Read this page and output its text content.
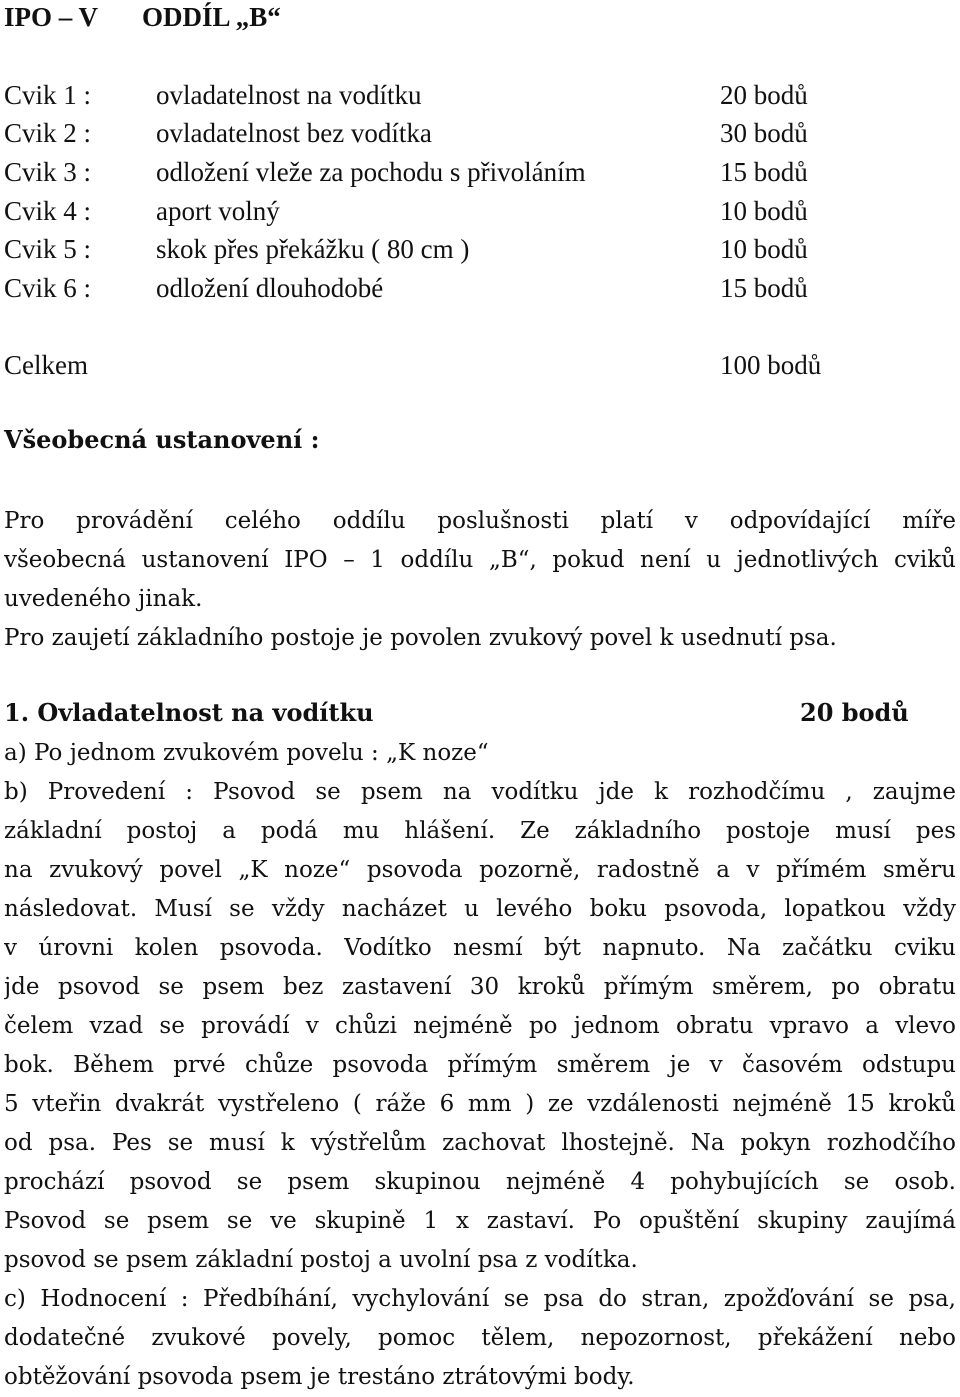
IPO – V ODDÍL „B“
Cvik 1 : ovladatelnost na vodítku	20 bodů
Cvik 2 : ovladatelnost bez vodítka	30 bodů
Cvik 3 : odložení vleže za pochodu s přivoláním	15 bodů
Cvik 4 : aport volný	10 bodů
Cvik 5 : skok přes překážku ( 80 cm )	10 bodů
Cvik 6 : odložení dlouhodobé	15 bodů
Celkem	100 bodů
Všeobecná ustanovení :
Pro provádění celého oddílu poslušnosti platí v odpovídající míře
všeobecná ustanovení IPO – 1 oddílu „B“, pokud není u jednotlivých cviků
uvedeného jinak.
Pro zaujetí základního postoje je povolen zvukový povel k usednutí psa.
1. Ovladatelnost na vodítku	20 bodů
a) Po jednom zvukovém povelu : „K noze“
b) Provedení : Psovod se psem na vodítku jde k rozhodčímu , zaujme
základní postoj a podá mu hlášení. Ze základního postoje musí pes
na zvukový povel „K noze“ psovoda pozorně, radostně a v přímém směru
následovat. Musí se vždy nacházet u levého boku psovoda, lopatkou vždy
v úrovni kolen psovoda. Vodítko nesmí být napnuto. Na začátku cviku
jde psovod se psem bez zastavení 30 kroků přímým směrem, po obratu
čelem vzad se provádí v chůzi nejméně po jednom obratu vpravo a vlevo
bok. Během prvé chůze psovoda přímým směrem je v časovém odstupu
5 vteřin dvakrát vystřeleno ( ráže 6 mm ) ze vzdálenosti nejméně 15 kroků
od psa. Pes se musí k výstřelům zachovat lhostejně. Na pokyn rozhodčího
prochází psovod se psem skupinou nejméně 4 pohybujících se osob.
Psovod se psem se ve skupině 1 x zastaví. Po opuštění skupiny zaujímá
psovod se psem základní postoj a uvolní psa z vodítka.
c) Hodnocení : Předbíhání, vychylování se psa do stran, zpožďování se psa,
dodatečné zvukové povely, pomoc tělem, nepozornost, překážení nebo
obtěžování psovoda psem je trestáno ztrátovými body.
